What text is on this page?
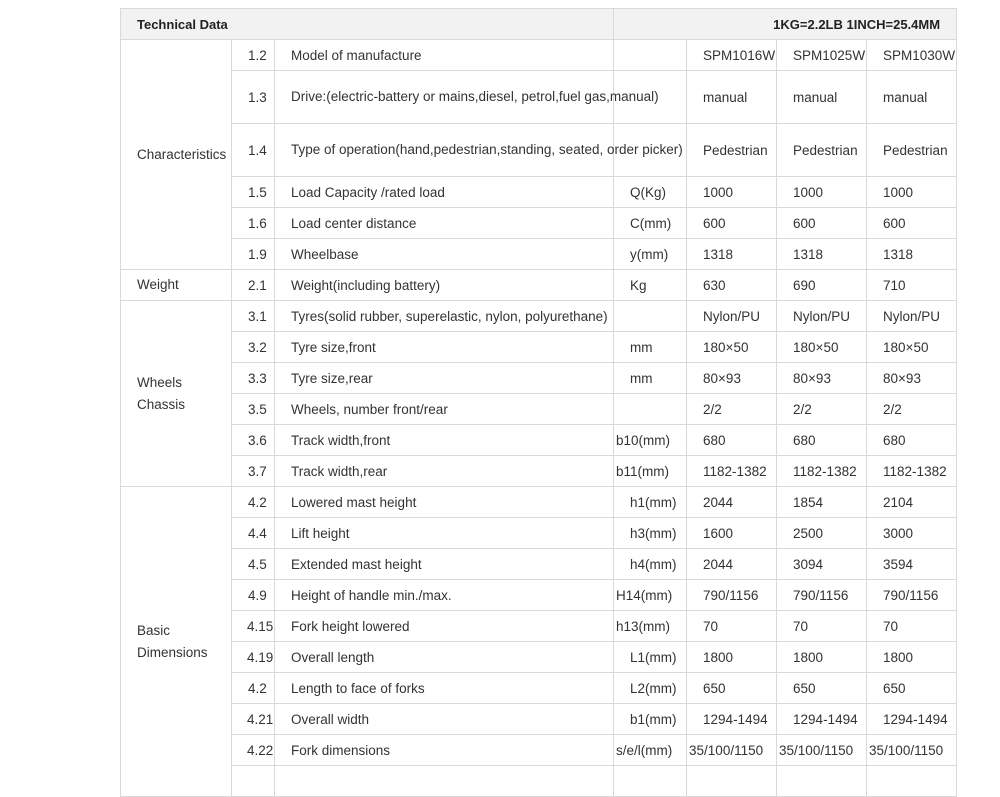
Technical Data			1KG=2.2LB 1INCH=25.4MM			
Characteristics	1.2	Model of manufacture		SPM1016W	SPM1025W	SPM1030W
	1.3	Drive:(electric-battery or mains,diesel, petrol,fuel gas,manual)		manual	manual	manual
	1.4	Type of operation(hand,pedestrian,standing, seated, order picker)		Pedestrian	Pedestrian	Pedestrian
	1.5	Load Capacity /rated load	Q(Kg)	1000	1000	1000
	1.6	Load center distance	C(mm)	600	600	600
	1.9	Wheelbase	y(mm)	1318	1318	1318
Weight	2.1	Weight(including battery)	Kg	630	690	710

Wheels
Chassis	3.1	Tyres(solid rubber, superelastic, nylon, polyurethane)		Nylon/PU	Nylon/PU	Nylon/PU
	3.2	Tyre size,front	mm	180×50	180×50	180×50
	3.3	Tyre size,rear	mm	80×93	80×93	80×93
	3.5	Wheels, number front/rear		2/2	2/2	2/2
	3.6	Track width,front	b10(mm)	680	680	680
	3.7	Track width,rear	b11(mm)	1182-1382	1182-1382	1182-1382

Basic
Dimensions	4.2	Lowered mast height	h1(mm)	2044	1854	2104
	4.4	Lift height	h3(mm)	1600	2500	3000
	4.5	Extended mast height	h4(mm)	2044	3094	3594
	4.9	Height of handle min./max.	H14(mm)	790/1156	790/1156	790/1156
	4.15	Fork height lowered	h13(mm)	70	70	70
	4.19	Overall length	L1(mm)	1800	1800	1800
	4.2	Length to face of forks	L2(mm)	650	650	650
	4.21	Overall width	b1(mm)	1294-1494	1294-1494	1294-1494
	4.22	Fork dimensions	s/e/l(mm)	35/100/1150	35/100/1150	35/100/1150
